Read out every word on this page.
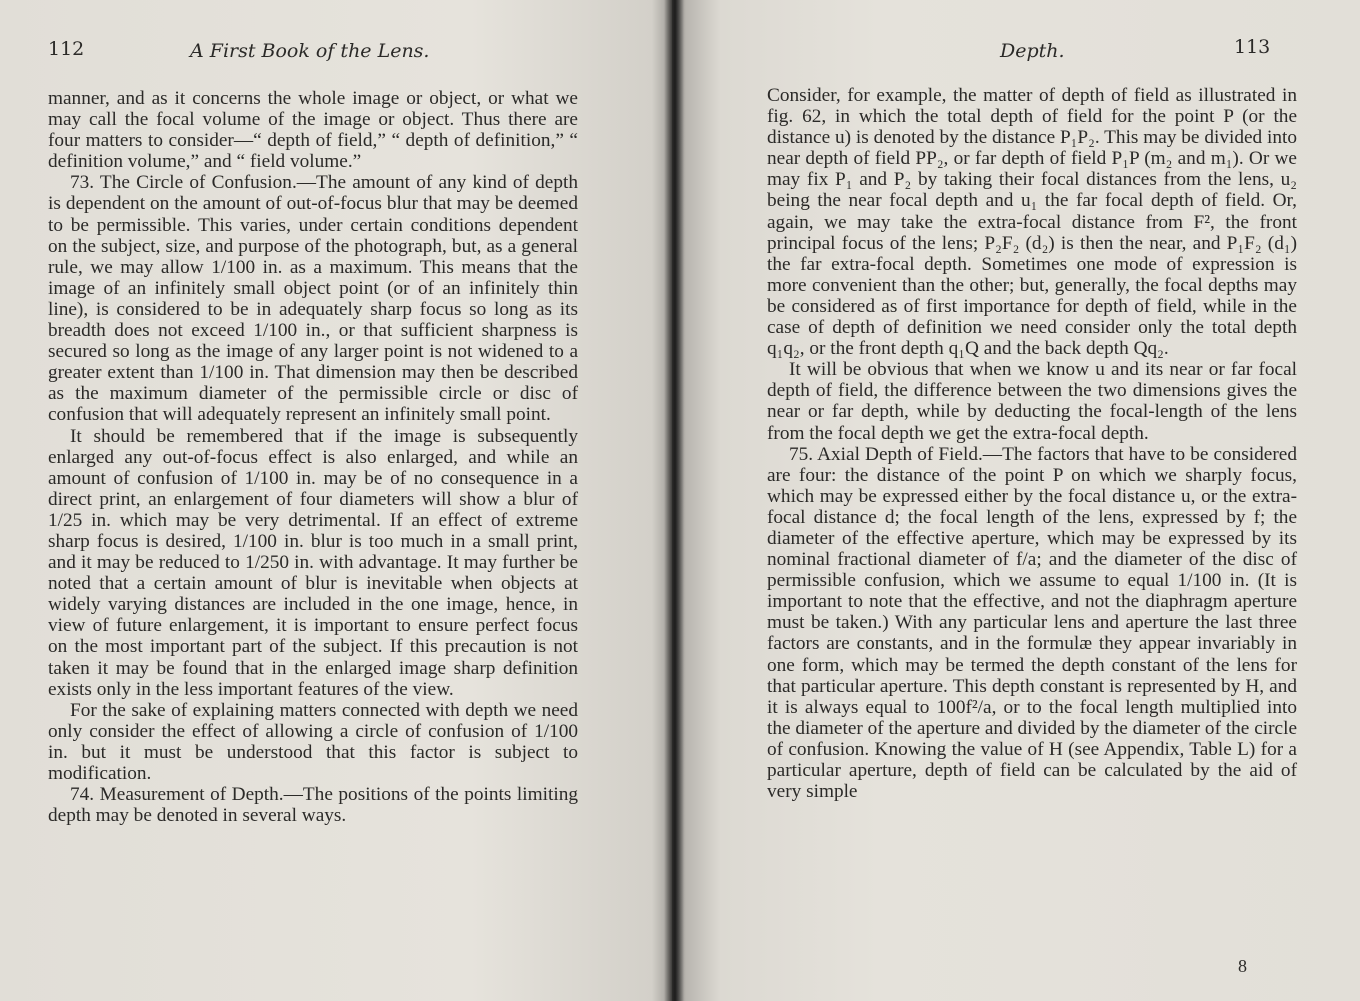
112	A First Book of the Lens.

manner, and as it concerns the whole image or object, or what we may call the focal volume of the image or object. Thus there are four matters to consider—“ depth of field,” “ depth of definition,” “ definition volume,” and “ field volume.”

73. The Circle of Confusion.—The amount of any kind of depth is dependent on the amount of out-of-focus blur that may be deemed to be permissible. This varies, under certain conditions dependent on the subject, size, and purpose of the photograph, but, as a general rule, we may allow 1/100 in. as a maximum. This means that the image of an infinitely small object point (or of an infinitely thin line), is considered to be in adequately sharp focus so long as its breadth does not exceed 1/100 in., or that sufficient sharpness is secured so long as the image of any larger point is not widened to a greater extent than 1/100 in. That dimension may then be described as the maximum diameter of the permissible circle or disc of confusion that will adequately represent an infinitely small point.

It should be remembered that if the image is subsequently enlarged any out-of-focus effect is also enlarged, and while an amount of confusion of 1/100 in. may be of no consequence in a direct print, an enlargement of four diameters will show a blur of 1/25 in. which may be very detrimental. If an effect of extreme sharp focus is desired, 1/100 in. blur is too much in a small print, and it may be reduced to 1/250 in. with advantage. It may further be noted that a certain amount of blur is inevitable when objects at widely varying distances are included in the one image, hence, in view of future enlargement, it is important to ensure perfect focus on the most important part of the subject. If this precaution is not taken it may be found that in the enlarged image sharp definition exists only in the less important features of the view.

For the sake of explaining matters connected with depth we need only consider the effect of allowing a circle of confusion of 1/100 in. but it must be understood that this factor is subject to modification.

74. Measurement of Depth.—The positions of the points limiting depth may be denoted in several ways.

Depth.	113

Consider, for example, the matter of depth of field as illustrated in fig. 62, in which the total depth of field for the point P (or the distance u) is denoted by the distance P₁P₂. This may be divided into near depth of field PP₂, or far depth of field P₁P (m₂ and m₁). Or we may fix P₁ and P₂ by taking their focal distances from the lens, u₂ being the near focal depth and u₁ the far focal depth of field. Or, again, we may take the extra-focal distance from F², the front principal focus of the lens; P₂F₂ (d₂) is then the near, and P₁F₂ (d₁) the far extra-focal depth. Sometimes one mode of expression is more convenient than the other; but, generally, the focal depths may be considered as of first importance for depth of field, while in the case of depth of definition we need consider only the total depth q₁q₂, or the front depth q₁Q and the back depth Qq₂.

It will be obvious that when we know u and its near or far focal depth of field, the difference between the two dimensions gives the near or far depth, while by deducting the focal-length of the lens from the focal depth we get the extra-focal depth.

75. Axial Depth of Field.—The factors that have to be considered are four: the distance of the point P on which we sharply focus, which may be expressed either by the focal distance u, or the extra-focal distance d; the focal length of the lens, expressed by f; the diameter of the effective aperture, which may be expressed by its nominal fractional diameter of f/a; and the diameter of the disc of permissible confusion, which we assume to equal 1/100 in. (It is important to note that the effective, and not the diaphragm aperture must be taken.) With any particular lens and aperture the last three factors are constants, and in the formulæ they appear invariably in one form, which may be termed the depth constant of the lens for that particular aperture. This depth constant is represented by H, and it is always equal to 100f²/a, or to the focal length multiplied into the diameter of the aperture and divided by the diameter of the circle of confusion. Knowing the value of H (see Appendix, Table L) for a particular aperture, depth of field can be calculated by the aid of very simple

8
